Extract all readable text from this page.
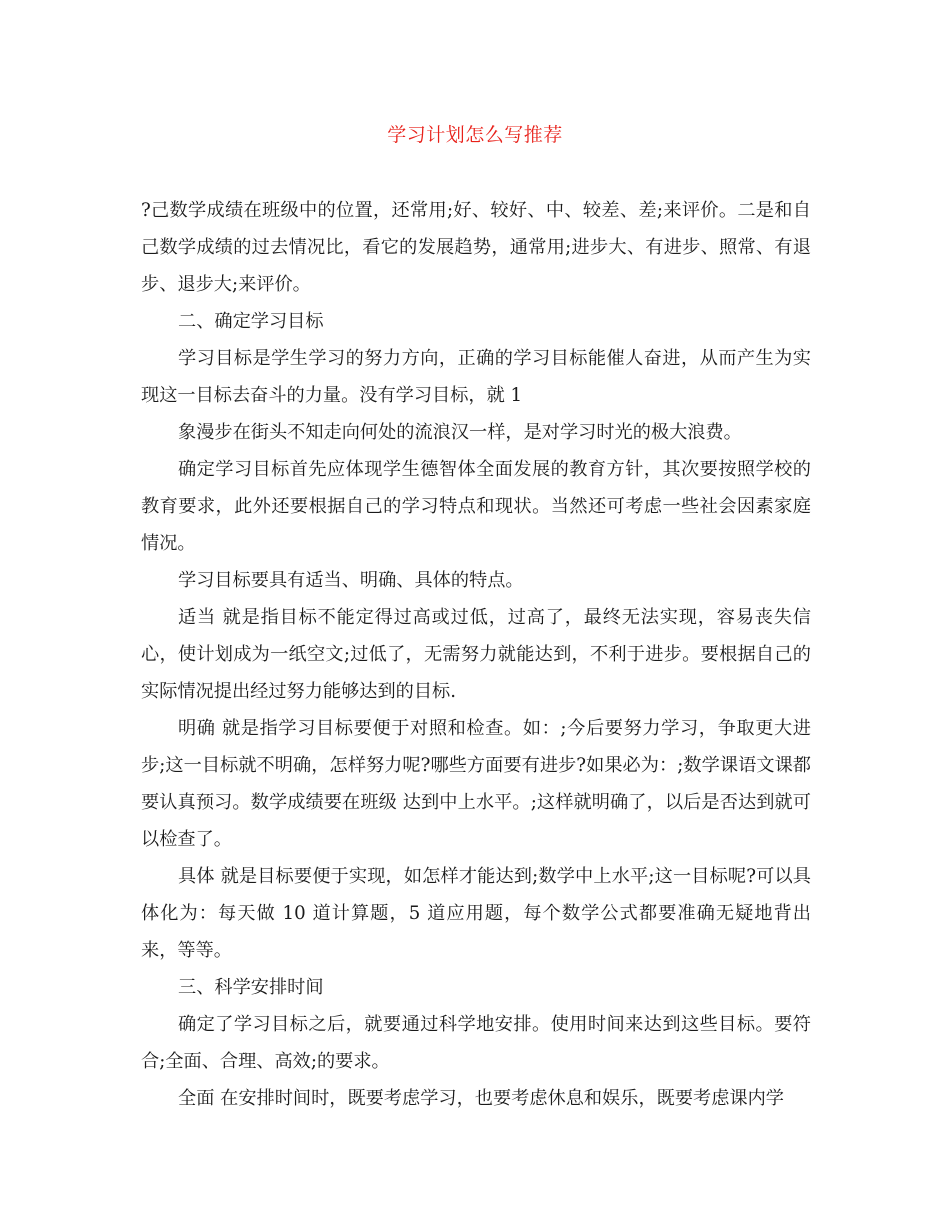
学习计划怎么写推荐

?己数学成绩在班级中的位置，还常用;好、较好、中、较差、差;来评价。二是和自己数学成绩的过去情况比，看它的发展趋势，通常用;进步大、有进步、照常、有退步、退步大;来评价。

二、确定学习目标

学习目标是学生学习的努力方向，正确的学习目标能催人奋进，从而产生为实现这一目标去奋斗的力量。没有学习目标，就 1

象漫步在街头不知走向何处的流浪汉一样，是对学习时光的极大浪费。

确定学习目标首先应体现学生德智体全面发展的教育方针，其次要按照学校的教育要求，此外还要根据自己的学习特点和现状。当然还可考虑一些社会因素家庭情况。

学习目标要具有适当、明确、具体的特点。

适当 就是指目标不能定得过高或过低，过高了，最终无法实现，容易丧失信心，使计划成为一纸空文;过低了，无需努力就能达到，不利于进步。要根据自己的实际情况提出经过努力能够达到的目标.

明确 就是指学习目标要便于对照和检查。如：;今后要努力学习，争取更大进步;这一目标就不明确，怎样努力呢?哪些方面要有进步?如果必为：;数学课语文课都要认真预习。数学成绩要在班级 达到中上水平。;这样就明确了，以后是否达到就可以检查了。

具体 就是目标要便于实现，如怎样才能达到;数学中上水平;这一目标呢?可以具体化为：每天做 10 道计算题，5 道应用题，每个数学公式都要准确无疑地背出来，等等。

三、科学安排时间

确定了学习目标之后，就要通过科学地安排。使用时间来达到这些目标。要符合;全面、合理、高效;的要求。

全面 在安排时间时，既要考虑学习，也要考虑休息和娱乐，既要考虑课内学
